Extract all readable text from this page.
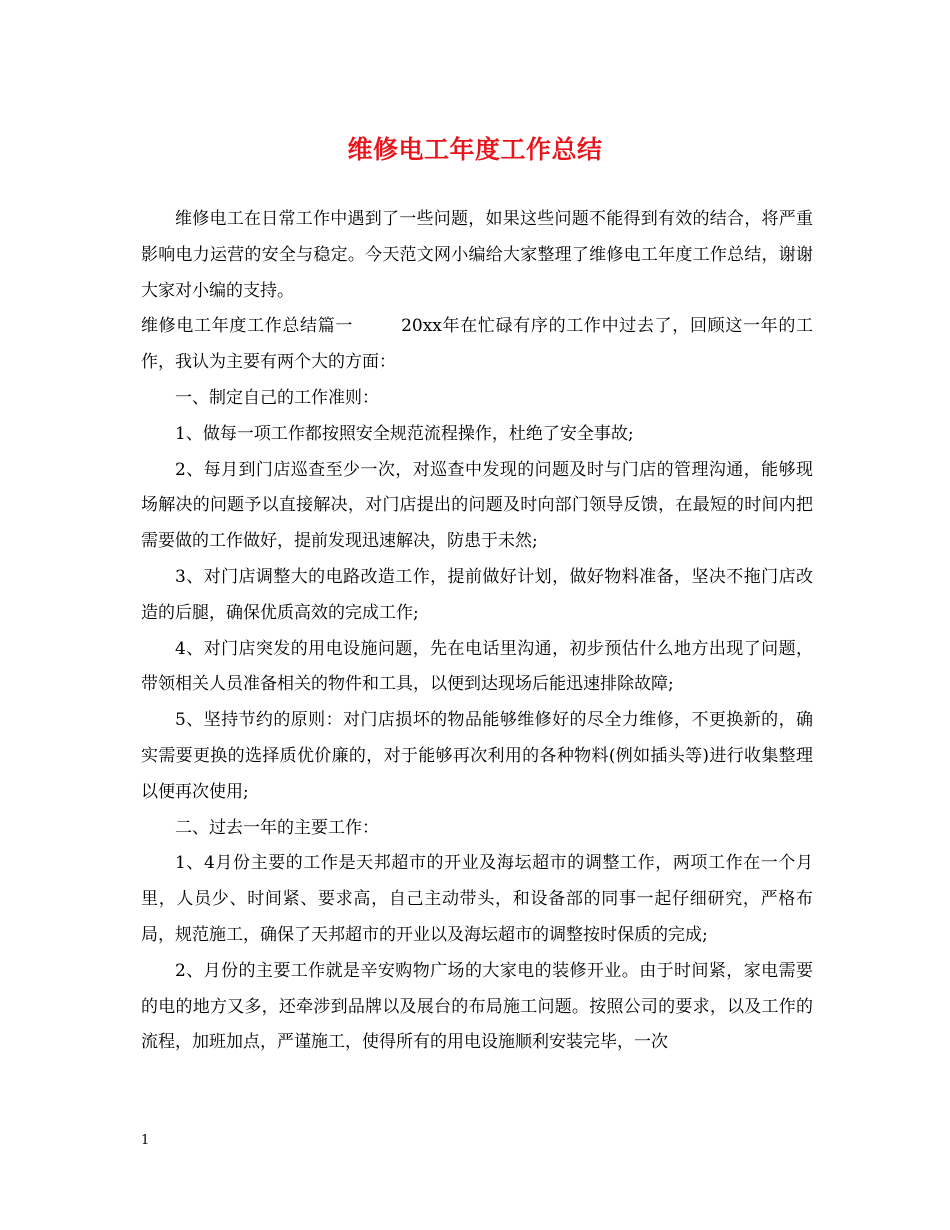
维修电工年度工作总结

维修电工在日常工作中遇到了一些问题，如果这些问题不能得到有效的结合，将严重影响电力运营的安全与稳定。今天范文网小编给大家整理了维修电工年度工作总结，谢谢大家对小编的支持。

维修电工年度工作总结篇一	20xx年在忙碌有序的工作中过去了，回顾这一年的工作，我认为主要有两个大的方面：

一、制定自己的工作准则：

1、做每一项工作都按照安全规范流程操作，杜绝了安全事故;

2、每月到门店巡查至少一次，对巡查中发现的问题及时与门店的管理沟通，能够现场解决的问题予以直接解决，对门店提出的问题及时向部门领导反馈，在最短的时间内把需要做的工作做好，提前发现迅速解决，防患于未然;

3、对门店调整大的电路改造工作，提前做好计划，做好物料准备，坚决不拖门店改造的后腿，确保优质高效的完成工作;

4、对门店突发的用电设施问题，先在电话里沟通，初步预估什么地方出现了问题，带领相关人员准备相关的物件和工具，以便到达现场后能迅速排除故障;

5、坚持节约的原则：对门店损坏的物品能够维修好的尽全力维修，不更换新的，确实需要更换的选择质优价廉的，对于能够再次利用的各种物料(例如插头等)进行收集整理以便再次使用;

二、过去一年的主要工作：

1、4月份主要的工作是天邦超市的开业及海坛超市的调整工作，两项工作在一个月里，人员少、时间紧、要求高，自己主动带头，和设备部的同事一起仔细研究，严格布局，规范施工，确保了天邦超市的开业以及海坛超市的调整按时保质的完成;

2、月份的主要工作就是辛安购物广场的大家电的装修开业。由于时间紧，家电需要的电的地方又多，还牵涉到品牌以及展台的布局施工问题。按照公司的要求，以及工作的流程，加班加点，严谨施工，使得所有的用电设施顺利安装完毕，一次

1
